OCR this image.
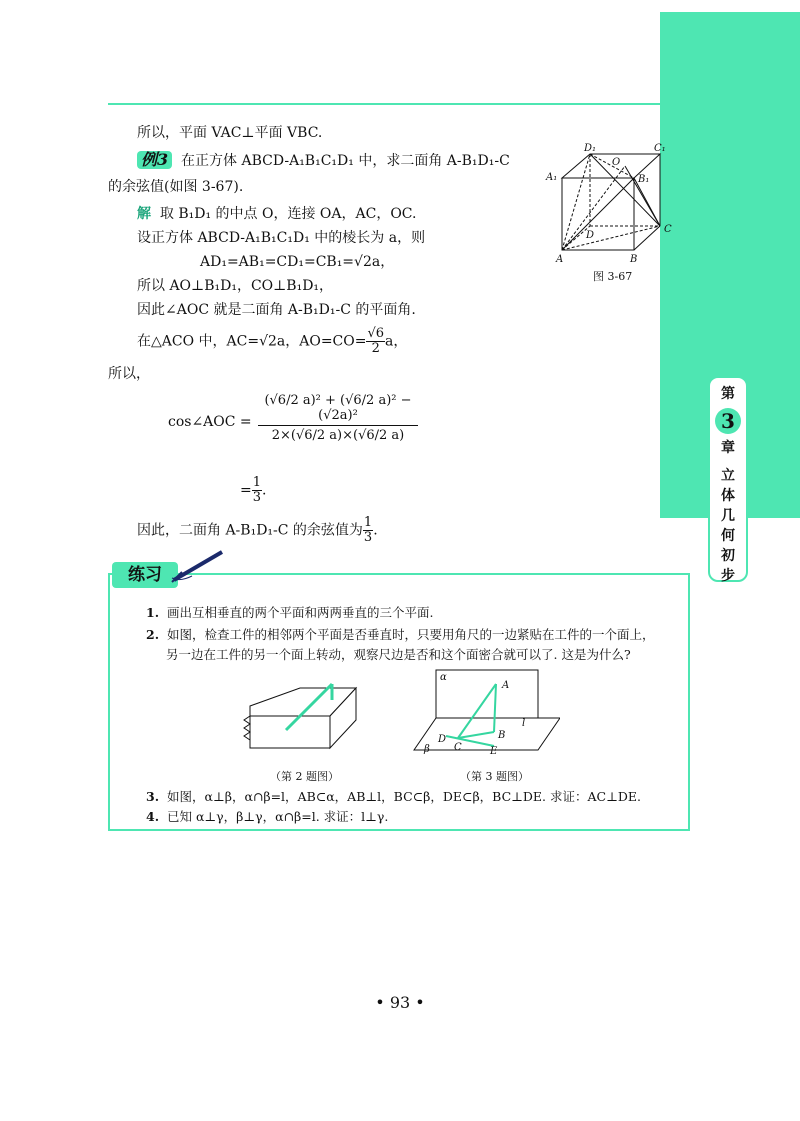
第
3
章
立
体
几
何
初
步
所以，平面 VAC⊥平面 VBC.
例3 在正方体 ABCD-A₁B₁C₁D₁ 中，求二面角 A-B₁D₁-C
的余弦值(如图 3-67).
解 取 B₁D₁ 的中点 O，连接 OA，AC，OC.
设正方体 ABCD-A₁B₁C₁D₁ 中的棱长为 a，则
AD₁=AB₁=CD₁=CB₁=√2a，
所以 AO⊥B₁D₁，CO⊥B₁D₁，
因此∠AOC 就是二面角 A-B₁D₁-C 的平面角.
在△ACO 中，AC=√2a，$AO=CO= \frac{√6}{2}$ a，
所以，
cos∠AOC =
(√6/2 a)² + (√6/2 a)² − (√2a)²
2×(√6/2 a)×(√6/2 a)
= $\frac{1}{3}$ .
因此，二面角 A-B₁D₁-C 的余弦值为 $\frac{1}{3}$ .
D₁	C₁
O
A₁	B₁
D
C
A	B
图 3-67
练习
1. 画出互相垂直的两个平面和两两垂直的三个平面.
2. 如图，检查工件的相邻两个平面是否垂直时，只要用角尺的一边紧贴在工件的一个面上，
另一边在工件的另一个面上转动，观察尺边是否和这个面密合就可以了. 这是为什么?
α
A
l
B
D
β C	E
（第 2 题图）	（第 3 题图）
3. 如图，α⊥β，α∩β=l，AB⊂α，AB⊥l，BC⊂β，DE⊂β，BC⊥DE. 求证：AC⊥DE.
4. 已知 α⊥γ，β⊥γ，α∩β=l. 求证：l⊥γ.
• 93 •
